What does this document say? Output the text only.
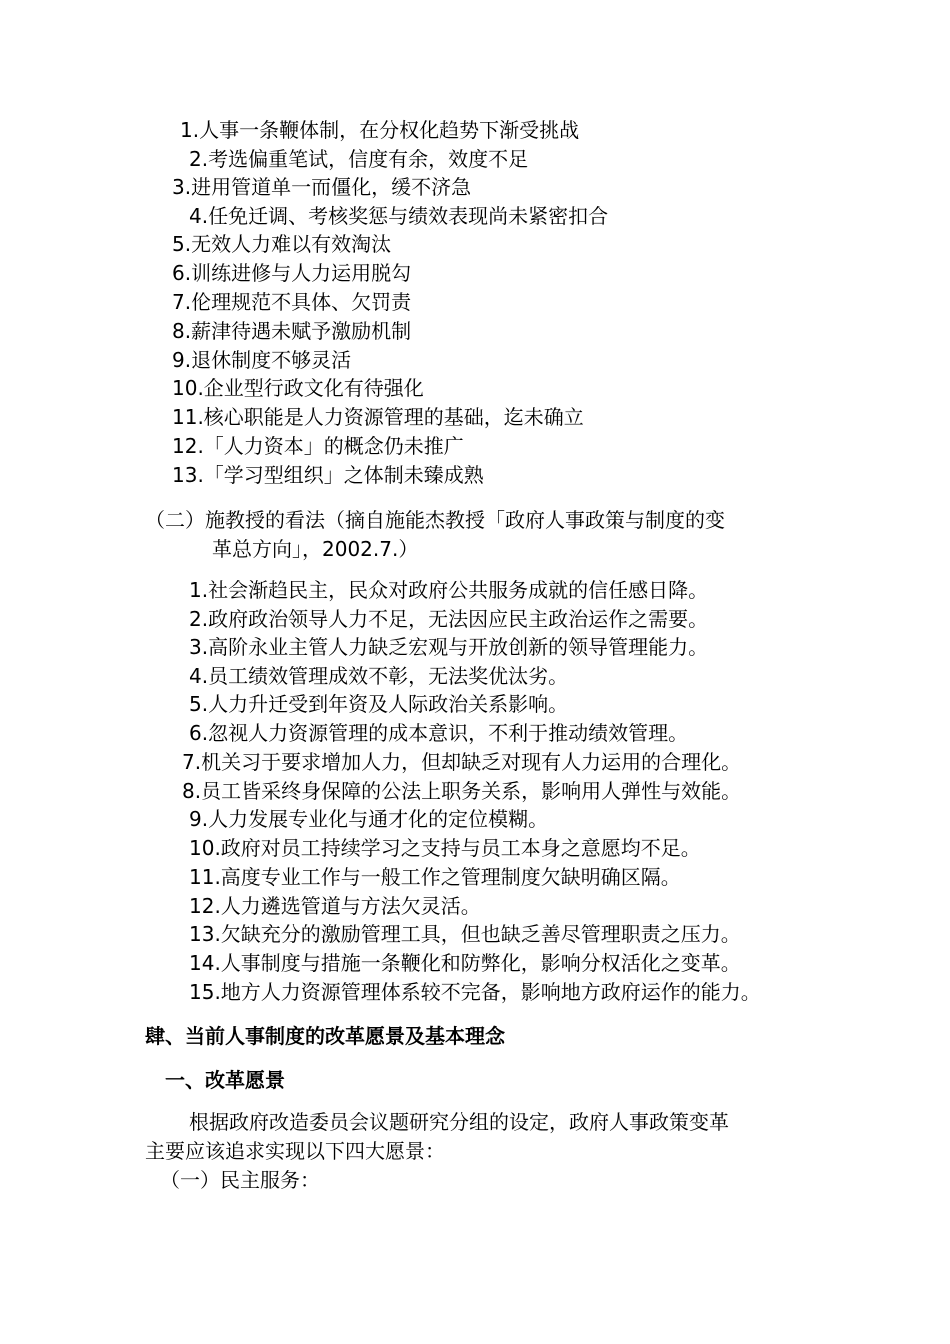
1.人事一条鞭体制，在分权化趋势下渐受挑战
2.考选偏重笔试，信度有余，效度不足
3.进用管道单一而僵化，缓不济急
4.任免迁调、考核奖惩与绩效表现尚未紧密扣合
5.无效人力难以有效淘汰
6.训练进修与人力运用脱勾
7.伦理规范不具体、欠罚责
8.薪津待遇未赋予激励机制
9.退休制度不够灵活
10.企业型行政文化有待强化
11.核心职能是人力资源管理的基础，迄未确立
12.「人力资本」的概念仍未推广
13.「学习型组织」之体制未臻成熟
（二）施教授的看法（摘自施能杰教授「政府人事政策与制度的变
革总方向」，2002.7.）
1.社会渐趋民主，民众对政府公共服务成就的信任感日降。
2.政府政治领导人力不足，无法因应民主政治运作之需要。
3.高阶永业主管人力缺乏宏观与开放创新的领导管理能力。
4.员工绩效管理成效不彰，无法奖优汰劣。
5.人力升迁受到年资及人际政治关系影响。
6.忽视人力资源管理的成本意识，不利于推动绩效管理。
7.机关习于要求增加人力，但却缺乏对现有人力运用的合理化。
8.员工皆采终身保障的公法上职务关系，影响用人弹性与效能。
9.人力发展专业化与通才化的定位模糊。
10.政府对员工持续学习之支持与员工本身之意愿均不足。
11.高度专业工作与一般工作之管理制度欠缺明确区隔。
12.人力遴选管道与方法欠灵活。
13.欠缺充分的激励管理工具，但也缺乏善尽管理职责之压力。
14.人事制度与措施一条鞭化和防弊化，影响分权活化之变革。
15.地方人力资源管理体系较不完备，影响地方政府运作的能力。
肆、当前人事制度的改革愿景及基本理念
一、改革愿景
根据政府改造委员会议题研究分组的设定，政府人事政策变革
主要应该追求实现以下四大愿景：
（一）民主服务：
